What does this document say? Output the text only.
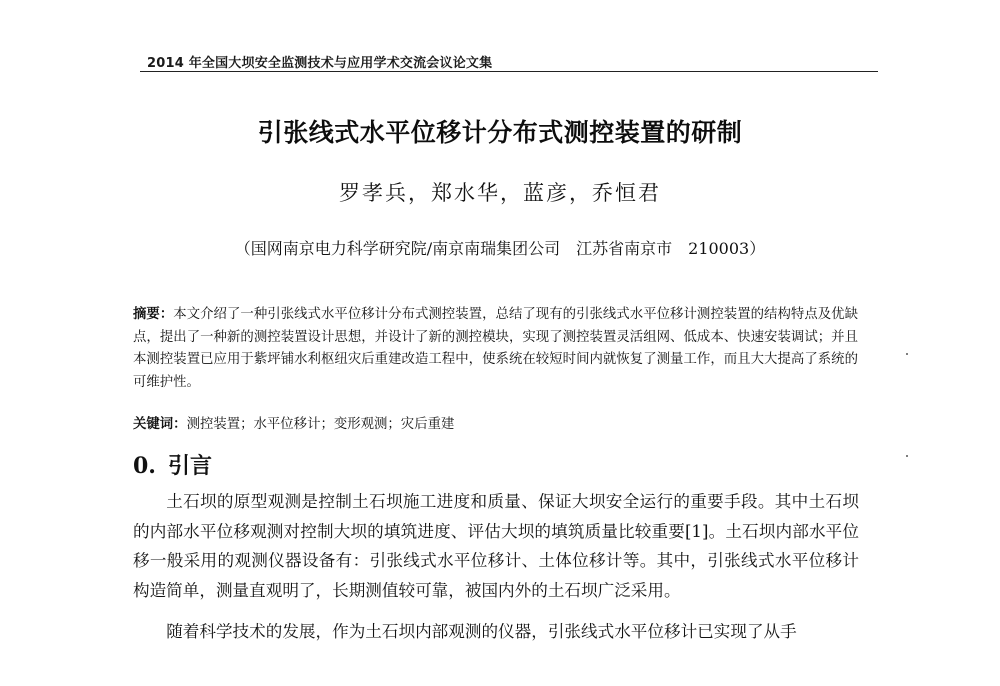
2014 年全国大坝安全监测技术与应用学术交流会议论文集
引张线式水平位移计分布式测控装置的研制
罗孝兵，郑水华，蓝彦，乔恒君
（国网南京电力科学研究院/南京南瑞集团公司　江苏省南京市　210003）
摘要：本文介绍了一种引张线式水平位移计分布式测控装置，总结了现有的引张线式水平位移计测控装置的结构特点及优缺点，提出了一种新的测控装置设计思想，并设计了新的测控模块，实现了测控装置灵活组网、低成本、快速安装调试；并且本测控装置已应用于紫坪铺水利枢纽灾后重建改造工程中，使系统在较短时间内就恢复了测量工作，而且大大提高了系统的可维护性。
关键词：测控装置；水平位移计；变形观测；灾后重建
0. 引言

土石坝的原型观测是控制土石坝施工进度和质量、保证大坝安全运行的重要手段。其中土石坝的内部水平位移观测对控制大坝的填筑进度、评估大坝的填筑质量比较重要[1]。土石坝内部水平位移一般采用的观测仪器设备有：引张线式水平位移计、土体位移计等。其中，引张线式水平位移计构造简单，测量直观明了，长期测值较可靠，被国内外的土石坝广泛采用。

随着科学技术的发展，作为土石坝内部观测的仪器，引张线式水平位移计已实现了从手
